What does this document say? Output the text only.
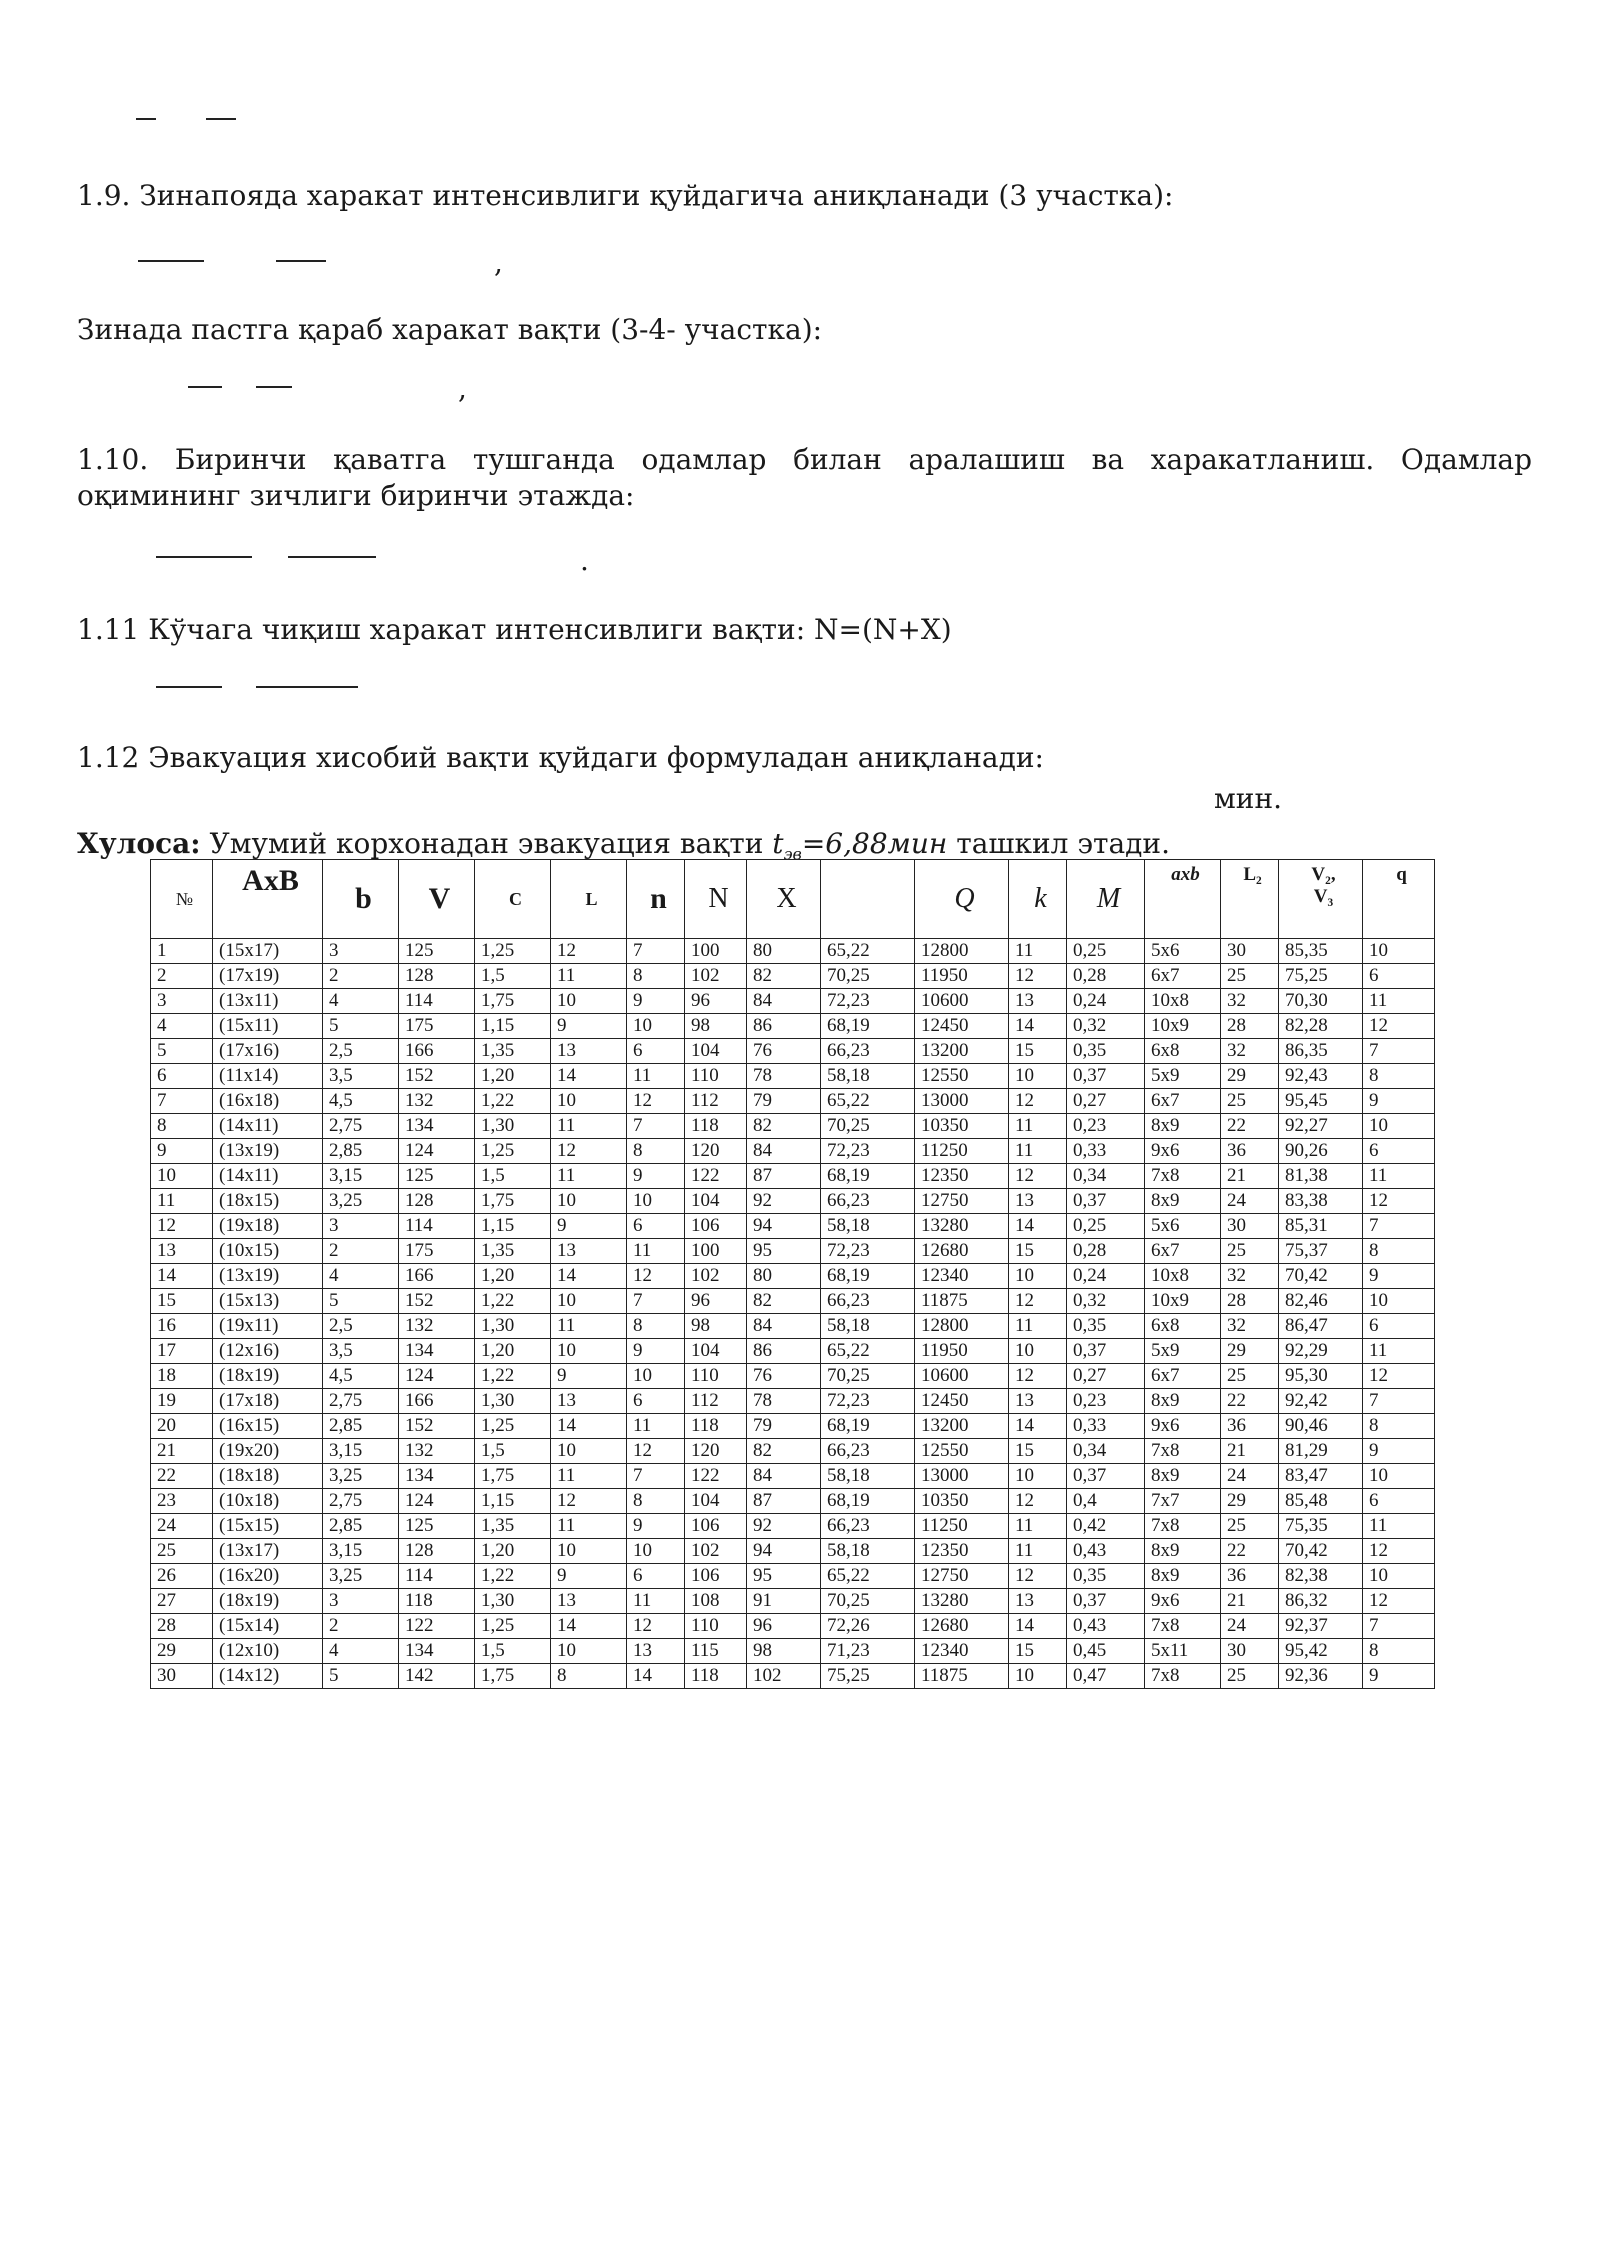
1.9. Зинапояда харакат интенсивлиги қуйдагича аниқланади (3 участка):
,
Зинада пастга қараб харакат вақти (3-4- участка):
,
1.10. Биринчи қаватга тушганда одамлар билан аралашиш ва харакатланиш. Одамлар оқимининг зичлиги биринчи этажда:
.
1.11 Кўчага чиқиш харакат интенсивлиги вақти: N=(N+X)
1.12 Эвакуация хисобий вақти қуйдаги формуладан аниқланади:
мин.
Хулоса: Умумий корхонадан эвакуация вақти $t_{эв}=6,88мин$ ташкил этади.
№	AxB	b	V	C	L	n	N	X		Q	k	M	axb	L₂	V₂,
V₃	q
1	(15x17)	3	125	1,25	12	7	100	80	65,22	12800	11	0,25	5x6	30	85,35	10
2	(17x19)	2	128	1,5	11	8	102	82	70,25	11950	12	0,28	6x7	25	75,25	6
3	(13x11)	4	114	1,75	10	9	96	84	72,23	10600	13	0,24	10x8	32	70,30	11
4	(15x11)	5	175	1,15	9	10	98	86	68,19	12450	14	0,32	10x9	28	82,28	12
5	(17x16)	2,5	166	1,35	13	6	104	76	66,23	13200	15	0,35	6x8	32	86,35	7
6	(11x14)	3,5	152	1,20	14	11	110	78	58,18	12550	10	0,37	5x9	29	92,43	8
7	(16x18)	4,5	132	1,22	10	12	112	79	65,22	13000	12	0,27	6x7	25	95,45	9
8	(14x11)	2,75	134	1,30	11	7	118	82	70,25	10350	11	0,23	8x9	22	92,27	10
9	(13x19)	2,85	124	1,25	12	8	120	84	72,23	11250	11	0,33	9x6	36	90,26	6
10	(14x11)	3,15	125	1,5	11	9	122	87	68,19	12350	12	0,34	7x8	21	81,38	11
11	(18x15)	3,25	128	1,75	10	10	104	92	66,23	12750	13	0,37	8x9	24	83,38	12
12	(19x18)	3	114	1,15	9	6	106	94	58,18	13280	14	0,25	5x6	30	85,31	7
13	(10x15)	2	175	1,35	13	11	100	95	72,23	12680	15	0,28	6x7	25	75,37	8
14	(13x19)	4	166	1,20	14	12	102	80	68,19	12340	10	0,24	10x8	32	70,42	9
15	(15x13)	5	152	1,22	10	7	96	82	66,23	11875	12	0,32	10x9	28	82,46	10
16	(19x11)	2,5	132	1,30	11	8	98	84	58,18	12800	11	0,35	6x8	32	86,47	6
17	(12x16)	3,5	134	1,20	10	9	104	86	65,22	11950	10	0,37	5x9	29	92,29	11
18	(18x19)	4,5	124	1,22	9	10	110	76	70,25	10600	12	0,27	6x7	25	95,30	12
19	(17x18)	2,75	166	1,30	13	6	112	78	72,23	12450	13	0,23	8x9	22	92,42	7
20	(16x15)	2,85	152	1,25	14	11	118	79	68,19	13200	14	0,33	9x6	36	90,46	8
21	(19x20)	3,15	132	1,5	10	12	120	82	66,23	12550	15	0,34	7x8	21	81,29	9
22	(18x18)	3,25	134	1,75	11	7	122	84	58,18	13000	10	0,37	8x9	24	83,47	10
23	(10x18)	2,75	124	1,15	12	8	104	87	68,19	10350	12	0,4	7x7	29	85,48	6
24	(15x15)	2,85	125	1,35	11	9	106	92	66,23	11250	11	0,42	7x8	25	75,35	11
25	(13x17)	3,15	128	1,20	10	10	102	94	58,18	12350	11	0,43	8x9	22	70,42	12
26	(16x20)	3,25	114	1,22	9	6	106	95	65,22	12750	12	0,35	8x9	36	82,38	10
27	(18x19)	3	118	1,30	13	11	108	91	70,25	13280	13	0,37	9x6	21	86,32	12
28	(15x14)	2	122	1,25	14	12	110	96	72,26	12680	14	0,43	7x8	24	92,37	7
29	(12x10)	4	134	1,5	10	13	115	98	71,23	12340	15	0,45	5x11	30	95,42	8
30	(14x12)	5	142	1,75	8	14	118	102	75,25	11875	10	0,47	7x8	25	92,36	9
